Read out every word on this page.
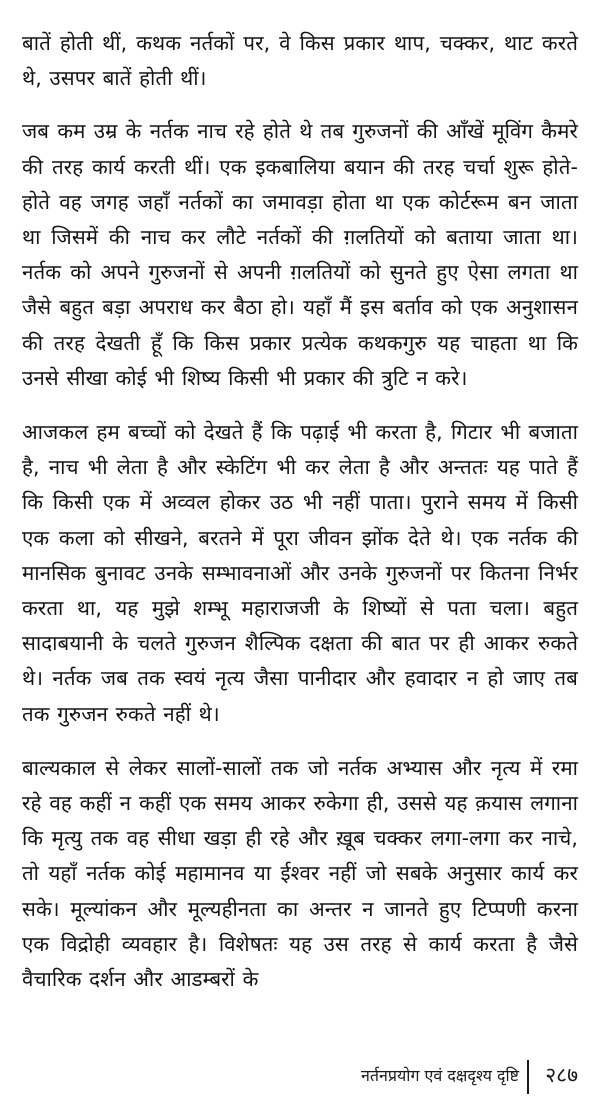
बातें होती थीं, कथक नर्तकों पर, वे किस प्रकार थाप, चक्कर, थाट करते थे, उसपर बातें होती थीं।

जब कम उम्र के नर्तक नाच रहे होते थे तब गुरुजनों की आँखें मूविंग कैमरे की तरह कार्य करती थीं। एक इकबालिया बयान की तरह चर्चा शुरू होते-होते वह जगह जहाँ नर्तकों का जमावड़ा होता था एक कोर्टरूम बन जाता था जिसमें की नाच कर लौटे नर्तकों की ग़लतियों को बताया जाता था। नर्तक को अपने गुरुजनों से अपनी ग़लतियों को सुनते हुए ऐसा लगता था जैसे बहुत बड़ा अपराध कर बैठा हो। यहाँ मैं इस बर्ताव को एक अनुशासन की तरह देखती हूँ कि किस प्रकार प्रत्येक कथकगुरु यह चाहता था कि उनसे सीखा कोई भी शिष्य किसी भी प्रकार की त्रुटि न करे।

आजकल हम बच्चों को देखते हैं कि पढ़ाई भी करता है, गिटार भी बजाता है, नाच भी लेता है और स्केटिंग भी कर लेता है और अन्ततः यह पाते हैं कि किसी एक में अव्वल होकर उठ भी नहीं पाता। पुराने समय में किसी एक कला को सीखने, बरतने में पूरा जीवन झोंक देते थे। एक नर्तक की मानसिक बुनावट उनके सम्भावनाओं और उनके गुरुजनों पर कितना निर्भर करता था, यह मुझे शम्भू महाराजजी के शिष्यों से पता चला। बहुत सादाबयानी के चलते गुरुजन शैल्पिक दक्षता की बात पर ही आकर रुकते थे। नर्तक जब तक स्वयं नृत्य जैसा पानीदार और हवादार न हो जाए तब तक गुरुजन रुकते नहीं थे।

बाल्यकाल से लेकर सालों-सालों तक जो नर्तक अभ्यास और नृत्य में रमा रहे वह कहीं न कहीं एक समय आकर रुकेगा ही, उससे यह क़यास लगाना कि मृत्यु तक वह सीधा खड़ा ही रहे और ख़ूब चक्कर लगा-लगा कर नाचे, तो यहाँ नर्तक कोई महामानव या ईश्वर नहीं जो सबके अनुसार कार्य कर सके। मूल्यांकन और मूल्यहीनता का अन्तर न जानते हुए टिप्पणी करना एक विद्रोही व्यवहार है। विशेषतः यह उस तरह से कार्य करता है जैसे वैचारिक दर्शन और आडम्बरों के

नर्तनप्रयोग एवं दक्षदृश्य दृष्टि २८७
